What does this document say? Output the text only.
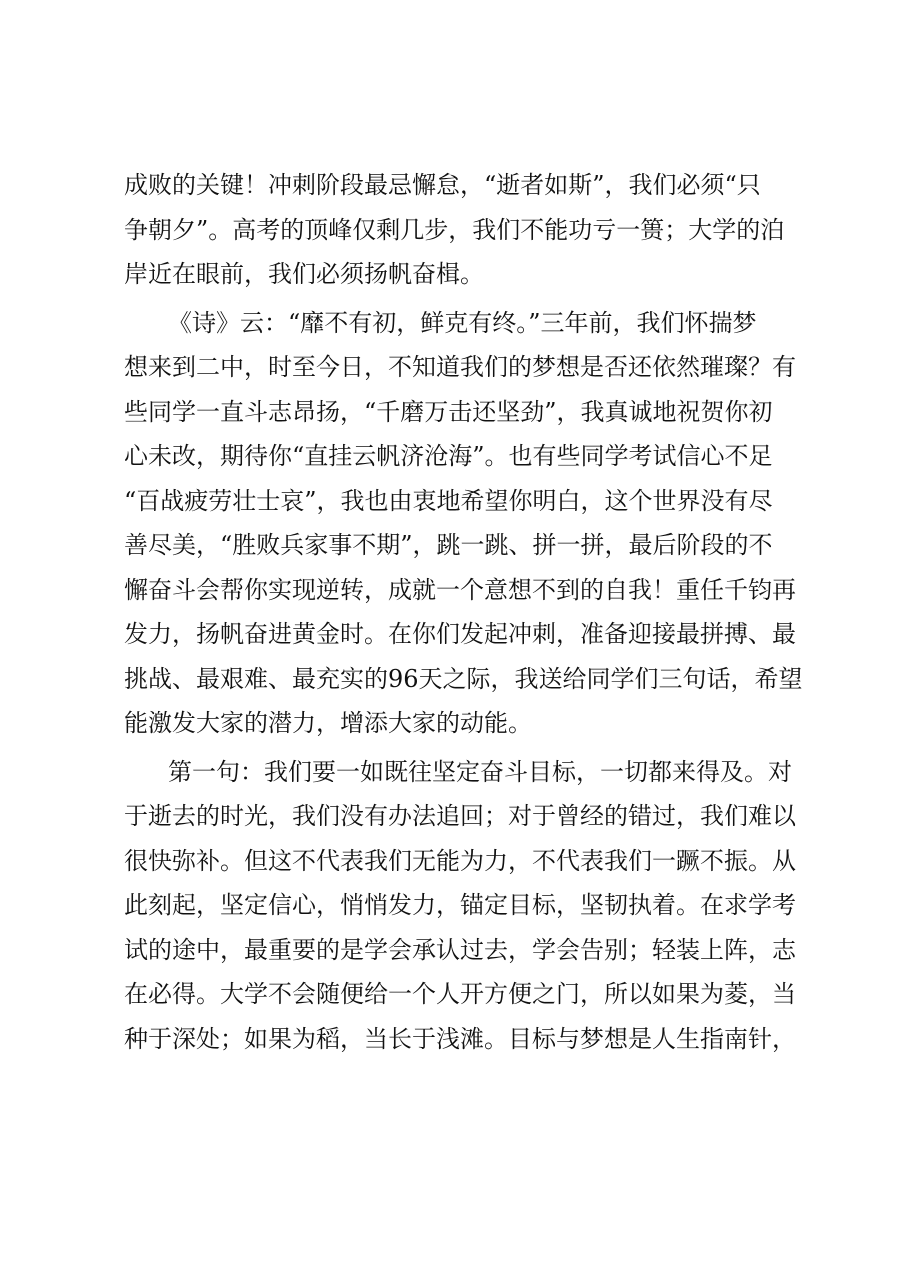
成败的关键！冲刺阶段最忌懈怠，“逝者如斯”，我们必须“只
争朝夕”。高考的顶峰仅剩几步，我们不能功亏一篑；大学的泊
岸近在眼前，我们必须扬帆奋楫。
《诗》云：“靡不有初，鲜克有终。”三年前，我们怀揣梦
想来到二中，时至今日，不知道我们的梦想是否还依然璀璨？有
些同学一直斗志昂扬，“千磨万击还坚劲”，我真诚地祝贺你初
心未改，期待你“直挂云帆济沧海”。也有些同学考试信心不足
“百战疲劳壮士哀”，我也由衷地希望你明白，这个世界没有尽
善尽美，“胜败兵家事不期”，跳一跳、拼一拼，最后阶段的不
懈奋斗会帮你实现逆转，成就一个意想不到的自我！重任千钧再
发力，扬帆奋进黄金时。在你们发起冲刺，准备迎接最拼搏、最
挑战、最艰难、最充实的96天之际，我送给同学们三句话，希望
能激发大家的潜力，增添大家的动能。
第一句：我们要一如既往坚定奋斗目标，一切都来得及。对
于逝去的时光，我们没有办法追回；对于曾经的错过，我们难以
很快弥补。但这不代表我们无能为力，不代表我们一蹶不振。从
此刻起，坚定信心，悄悄发力，锚定目标，坚韧执着。在求学考
试的途中，最重要的是学会承认过去，学会告别；轻装上阵，志
在必得。大学不会随便给一个人开方便之门，所以如果为菱，当
种于深处；如果为稻，当长于浅滩。目标与梦想是人生指南针，
